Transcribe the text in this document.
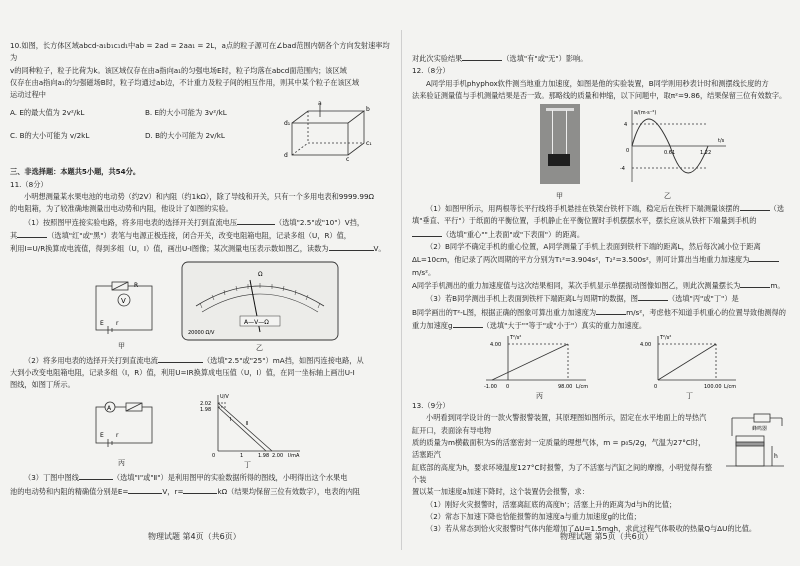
10.如图，长方体区域abcd-a₁b₁c₁d₁中ab = 2ad = 2aa₁ = 2L，a点的粒子源可在∠bad范围内朝各个方向发射速率均为

v的同种粒子，粒子比荷为k。该区域仅存在由a指向a₁的匀强电场E时，粒子均落在abcd面范围内；该区域

仅存在由a指向a₁的匀强磁场B时，粒子均通过ab边，不计重力及粒子间的相互作用，则其中某个粒子在该区域

运动过程中

A. E的最大值为 2v²/kL	B. E的大小可能为 3v²/kL
C. B的大小可能为 v/2kL	D. B的大小可能为 2v/kL
a
d₁
d
c
c₁
b

三、非选择题：本题共5小题，共54分。

11.（8分）

小明想测量某水果电池的电动势（约2V）和内阻（约1kΩ），除了导线和开关，只有一个多用电表和9999.99Ω

的电阻箱，为了较准确地测量出电动势和内阻，他设计了如图的实验。

（1）按照图甲连接实验电路，将多用电表的选择开关打到直流电压	（选填"2.5"或"10"）V挡，

其	（选填"红"或"黑"）表笔与电源正极连接，闭合开关，改变电阻箱电阻，记录多组（U，R）值，

利用I=U/R换算成电流值，得到多组（U，I）值，画出U-I图像；某次测量电压表示数如图乙，读数为	V。

V
E r
R
甲
A—V—Ω
Ω
20000 Ω/V
乙

（2）将多用电表的选择开关打到直流电流	（选填"2.5"或"25"）mA挡，如图丙连接电路，从

大到小改变电阻箱电阻，记录多组（I，R）值，利用U=IR换算成电压值（U，I）值，在同一坐标轴上画出U-I

图线，如图丁所示。

A
E r
丙
U/V
2.02
1.98
0	1	1.98 2.00 I/mA
Ⅰ
Ⅱ
丁

（3）丁图中图线	（选填"Ⅰ"或"Ⅱ"）是利用图甲的实验数据所得的图线，小明得出这个水果电

池的电动势和内阻的精确值分别是E=	V，r=	kΩ（结果均保留三位有效数字），电表的内阻

物理试题 第4页（共6页）

对此次实验结果	（选填"有"或"无"）影响。

12.（8分）

A同学用手机phyphox软件测当地重力加速度，如图是他的实验装置，B同学则用秒表计时和测摆线长度的方

法来验证测量值与手机测量结果是否一致。那略线的质量和伸缩，以下问题中，取π²=9.86，结果保留三位有效数字。

甲
a/(m·s⁻²)
4
-4
0	0.61	1.22
t/s
乙

（1）如图甲所示，用两根等长平行线将手机悬挂在铁架台铁杆下端，稳定后在铁杆下端测量该摆的	（选

填"垂直、平行"）于纸面的平衡位置，手机静止在平衡位置时手机摆摆水平，摆长应该从铁杆下端量到手机的

（选填"重心""上表面"或"下表面"）的距离。

（2）B同学不确定手机的重心位置，A同学测量了手机上表面到铁杆下端的距离L，然后每次减小位于距离

ΔL=10cm，他记录了两次周期的平方分别为T₁²=3.904s²，T₂²=3.500s²，则可计算出当地重力加速度为m/s²。

A同学手机测出的重力加速度值与这次结果相同，某次手机显示单摆振动图像如图乙，则此次测量摆长为	m。

（3）若B同学测出手机上表面到铁杆下端距离L与周期T的数据，图	（选填"丙"或"丁"）是

B同学画出的T²-L图，根据正确的图象可算出重力加速度为	m/s²，考虑他不知道手机重心的位置导致他测得的

重力加速度g	（选填"大于""等于"或"小于"）真实的重力加速度。

T²/s²
4.00
-1.00 0	98.00 L/cm
丙
T²/s²
4.00
0	100.00 L/cm
丁

13.（9分）

小明看到同学设计的一款火警报警装置，其原理图如图所示，固定在水平地面上的导热汽缸开口，表面涂有导电物

质的质量为m横截面积为S的活塞密封一定质量的理想气体，m = p₀S/2g，气温为27°C时，活塞距汽

缸底部的高度为h，要求环境温度127°C时报警，为了不活塞与汽缸之间的摩擦，小明觉得有整个装

置以某一加速度a加速下降时，这个装置仍会报警，求：

蜂鸣器
h

（1）刚好火灾报警时，活塞离缸底的高度h'；活塞上升的距离为d与h的比值；

（2）常态下加速下降也恰能报警的加速度a与重力加速度g的比值；

（3）若从常态到恰火灾报警时气体内能增加了ΔU=1.5mgh，求此过程气体吸收的热量Q与ΔU的比值。

物理试题 第5页（共6页）
